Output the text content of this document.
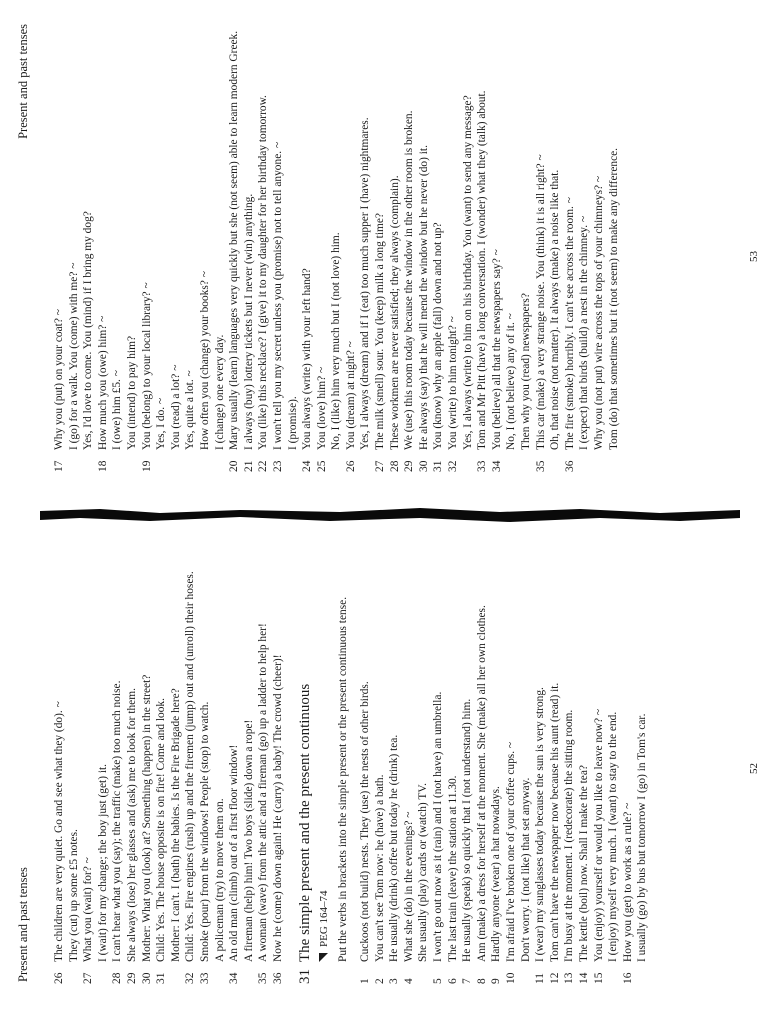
Present and past tenses 26
The children are very quiet. Go and see what they (do). ~
They (cut) up some £5 notes.
27
What you (wait) for? ~
I (wait) for my change; the boy just (get) it.
28
I can't hear what you (say); the traffic (make) too much noise.
29
She always (lose) her glasses and (ask) me to look for them.
30
Mother: What you (look) at? Something (happen) in the street?
31
Child: Yes. The house opposite is on fire! Come and look.
Mother: I can't. I (bath) the babies. Is the Fire Brigade here?
32
Child: Yes. Fire engines (rush) up and the firemen (jump) out and (unroll) their hoses.
33
Smoke (pour) from the windows! People (stop) to watch.
A policeman (try) to move them on.
34
An old man (climb) out of a first floor window!
A fireman (help) him! Two boys (slide) down a rope!
35
A woman (wave) from the attic and a fireman (go) up a ladder to help her!
36
Now he (come) down again! He (carry) a baby! The crowd (cheer)!
31
The simple present and the present continuous PEG 164–74 Put the verbs in brackets into the simple present or the present continuous tense.
1
Cuckoos (not build) nests. They (use) the nests of other birds.
2
You can't see Tom now: he (have) a bath.
3
He usually (drink) coffee but today he (drink) tea.
4
What she (do) in the evenings? ~
She usually (play) cards or (watch) TV.
5
I won't go out now as it (rain) and I (not have) an umbrella.
6
The last train (leave) the station at 11.30.
7
He usually (speak) so quickly that I (not understand) him.
8
Ann (make) a dress for herself at the moment. She (make) all her own clothes.
9
Hardly anyone (wear) a hat nowadays.
10
I'm afraid I've broken one of your coffee cups. ~
Don't worry. I (not like) that set anyway.
11
I (wear) my sunglasses today because the sun is very strong.
12
Tom can't have the newspaper now because his aunt (read) it.
13
I'm busy at the moment. I (redecorate) the sitting room.
14
The kettle (boil) now. Shall I make the tea?
15
You (enjoy) yourself or would you like to leave now? ~
I (enjoy) myself very much. I (want) to stay to the end.
16
How you (get) to work as a rule? ~
I usually (go) by bus but tomorrow I (go) in Tom's car.
52
Present and past tenses
17
Why you (put) on your coat? ~
I (go) for a walk. You (come) with me? ~
Yes, I'd love to come. You (mind) if I bring my dog?
18
How much you (owe) him? ~
I (owe) him £5. ~
You (intend) to pay him?
19
You (belong) to your local library? ~
Yes, I do. ~
You (read) a lot? ~
Yes, quite a lot. ~
How often you (change) your books? ~
I (change) one every day.
20
Mary usually (learn) languages very quickly but she (not seem) able to learn modern Greek.
21
I always (buy) lottery tickets but I never (win) anything.
22
You (like) this necklace? I (give) it to my daughter for her birthday tomorrow.
23
I won't tell you my secret unless you (promise) not to tell anyone. ~
I (promise).
24
You always (write) with your left hand?
25
You (love) him? ~
No, I (like) him very much but I (not love) him.
26
You (dream) at night? ~
Yes, I always (dream) and if I (eat) too much supper I (have) nightmares.
27
The milk (smell) sour. You (keep) milk a long time?
28
These workmen are never satisfied; they always (complain).
29
We (use) this room today because the window in the other room is broken.
30
He always (say) that he will mend the window but he never (do) it.
31
You (know) why an apple (fall) down and not up?
32
You (write) to him tonight? ~
Yes, I always (write) to him on his birthday. You (want) to send any message?
33
Tom and Mr Pitt (have) a long conversation. I (wonder) what they (talk) about.
34
You (believe) all that the newspapers say? ~
No, I (not believe) any of it. ~
Then why you (read) newspapers?
35
This car (make) a very strange noise. You (think) it is all right? ~
Oh, that noise (not matter). It always (make) a noise like that.
36
The fire (smoke) horribly. I can't see across the room. ~
I (expect) that birds (build) a nest in the chimney. ~
Why you (not put) wire across the tops of your chimneys? ~
Tom (do) that sometimes but it (not seem) to make any difference.
53
